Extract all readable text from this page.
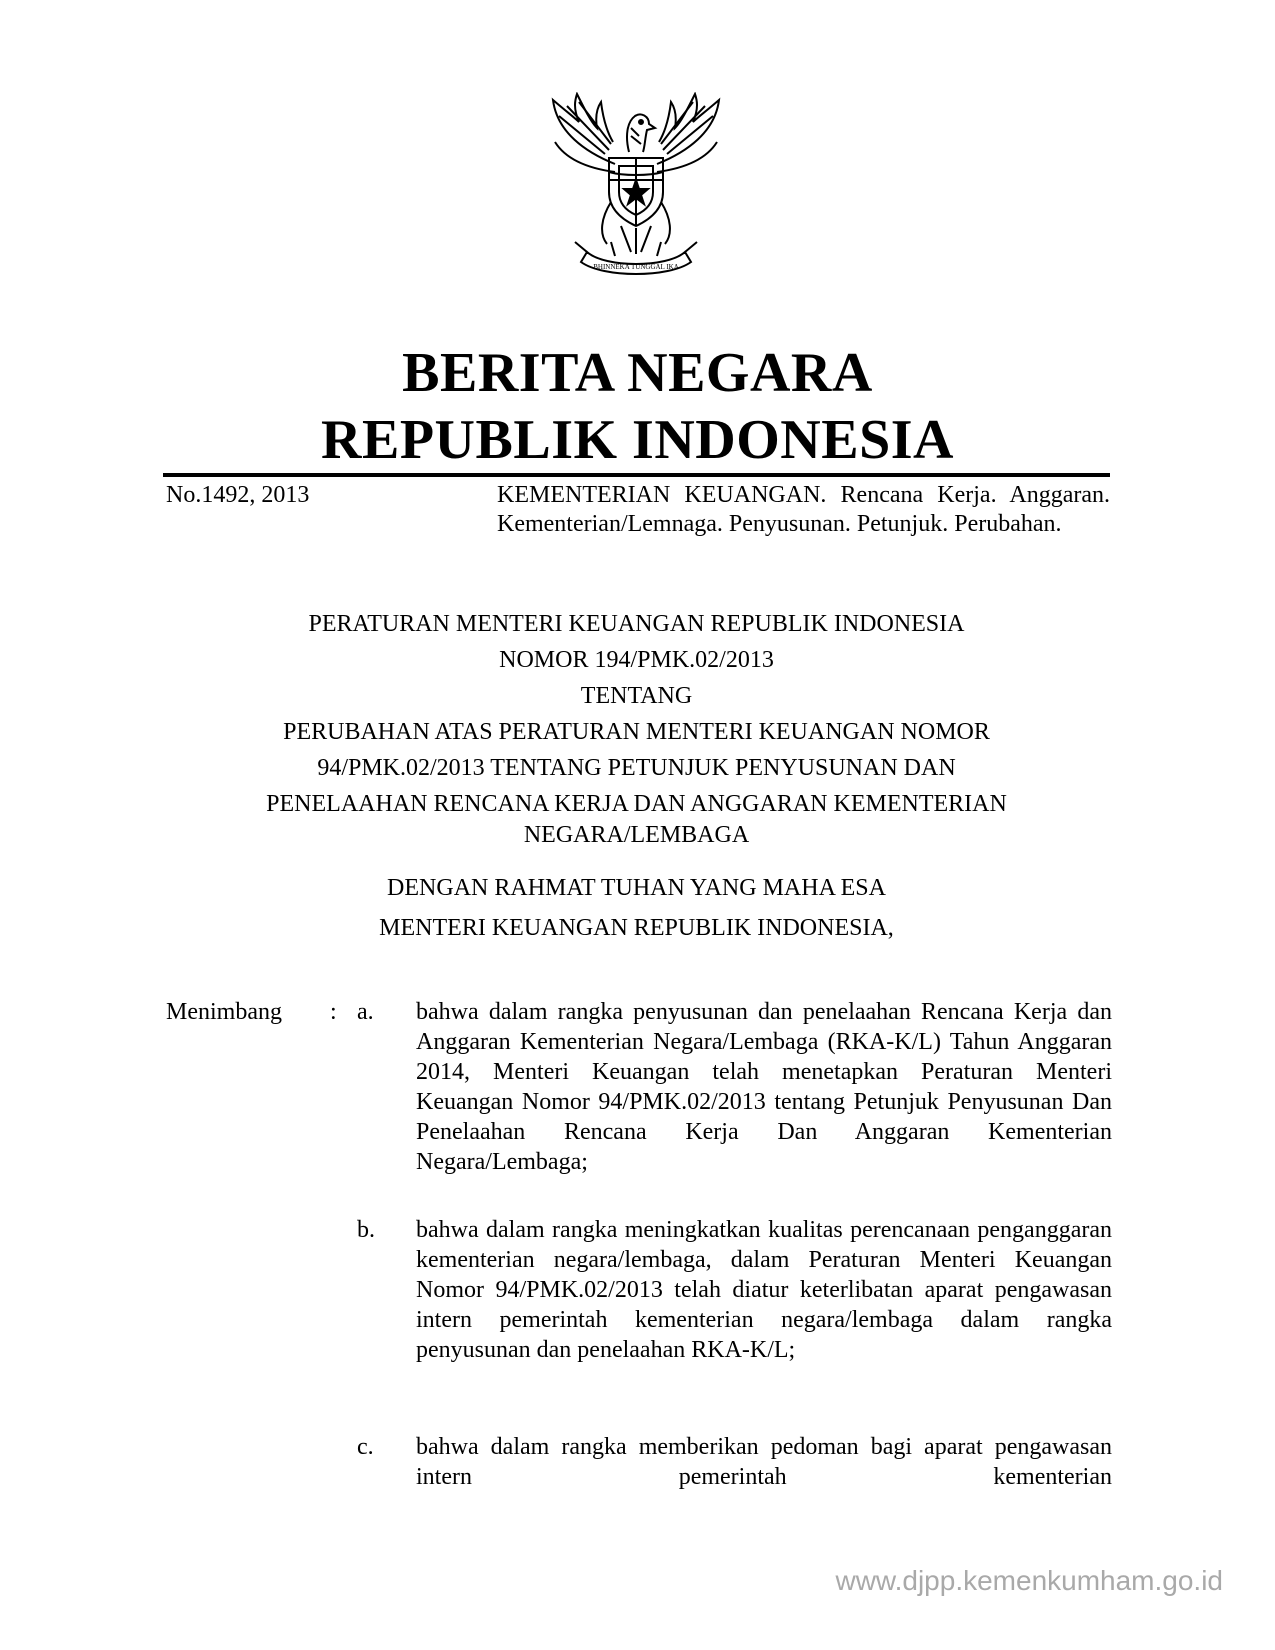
BHINNEKA TUNGGAL IKA
BERITA NEGARA
REPUBLIK INDONESIA
No.1492, 2013	KEMENTERIAN KEUANGAN. Rencana Kerja. Anggaran. Kementerian/Lemnaga. Penyusunan. Petunjuk. Perubahan.
PERATURAN MENTERI KEUANGAN REPUBLIK INDONESIA
NOMOR 194/PMK.02/2013
TENTANG
PERUBAHAN ATAS PERATURAN MENTERI KEUANGAN NOMOR
94/PMK.02/2013 TENTANG PETUNJUK PENYUSUNAN DAN
PENELAAHAN RENCANA KERJA DAN ANGGARAN KEMENTERIAN
NEGARA/LEMBAGA
DENGAN RAHMAT TUHAN YANG MAHA ESA
MENTERI KEUANGAN REPUBLIK INDONESIA,
Menimbang : a. bahwa dalam rangka penyusunan dan penelaahan Rencana Kerja dan Anggaran Kementerian Negara/Lembaga (RKA-K/L) Tahun Anggaran 2014, Menteri Keuangan telah menetapkan Peraturan Menteri Keuangan Nomor 94/PMK.02/2013 tentang Petunjuk Penyusunan Dan Penelaahan Rencana Kerja Dan Anggaran Kementerian Negara/Lembaga;
b. bahwa dalam rangka meningkatkan kualitas perencanaan penganggaran kementerian negara/lembaga, dalam Peraturan Menteri Keuangan Nomor 94/PMK.02/2013 telah diatur keterlibatan aparat pengawasan intern pemerintah kementerian negara/lembaga dalam rangka penyusunan dan penelaahan RKA-K/L;
c. bahwa dalam rangka memberikan pedoman bagi aparat pengawasan intern pemerintah kementerian
www.djpp.kemenkumham.go.id
